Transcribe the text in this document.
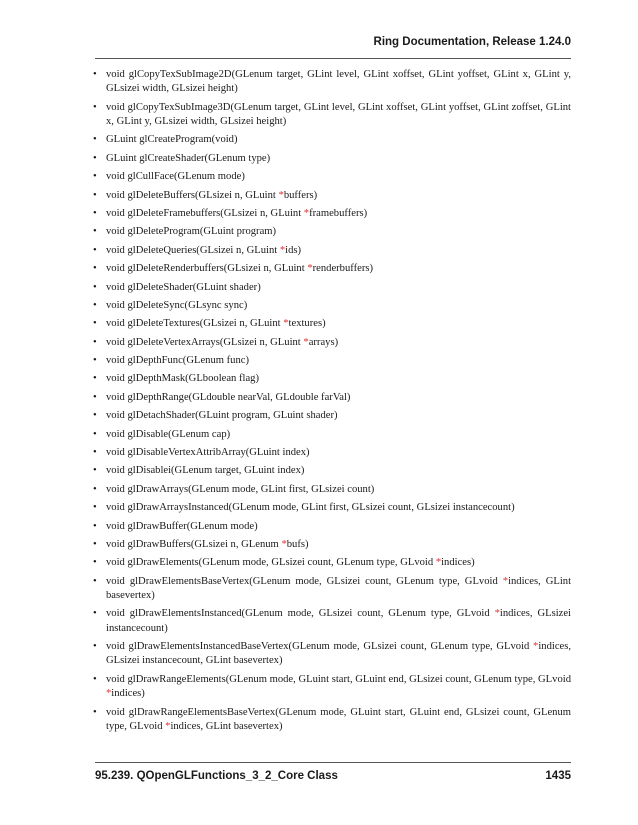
Ring Documentation, Release 1.24.0
• void glCopyTexSubImage2D(GLenum target, GLint level, GLint xoffset, GLint yoffset, GLint x, GLint y, GLsizei width, GLsizei height)
• void glCopyTexSubImage3D(GLenum target, GLint level, GLint xoffset, GLint yoffset, GLint zoffset, GLint x, GLint y, GLsizei width, GLsizei height)
• GLuint glCreateProgram(void)
• GLuint glCreateShader(GLenum type)
• void glCullFace(GLenum mode)
• void glDeleteBuffers(GLsizei n, GLuint *buffers)
• void glDeleteFramebuffers(GLsizei n, GLuint *framebuffers)
• void glDeleteProgram(GLuint program)
• void glDeleteQueries(GLsizei n, GLuint *ids)
• void glDeleteRenderbuffers(GLsizei n, GLuint *renderbuffers)
• void glDeleteShader(GLuint shader)
• void glDeleteSync(GLsync sync)
• void glDeleteTextures(GLsizei n, GLuint *textures)
• void glDeleteVertexArrays(GLsizei n, GLuint *arrays)
• void glDepthFunc(GLenum func)
• void glDepthMask(GLboolean flag)
• void glDepthRange(GLdouble nearVal, GLdouble farVal)
• void glDetachShader(GLuint program, GLuint shader)
• void glDisable(GLenum cap)
• void glDisableVertexAttribArray(GLuint index)
• void glDisablei(GLenum target, GLuint index)
• void glDrawArrays(GLenum mode, GLint first, GLsizei count)
• void glDrawArraysInstanced(GLenum mode, GLint first, GLsizei count, GLsizei instancecount)
• void glDrawBuffer(GLenum mode)
• void glDrawBuffers(GLsizei n, GLenum *bufs)
• void glDrawElements(GLenum mode, GLsizei count, GLenum type, GLvoid *indices)
• void glDrawElementsBaseVertex(GLenum mode, GLsizei count, GLenum type, GLvoid *indices, GLint basevertex)
• void glDrawElementsInstanced(GLenum mode, GLsizei count, GLenum type, GLvoid *indices, GLsizei instancecount)
• void glDrawElementsInstancedBaseVertex(GLenum mode, GLsizei count, GLenum type, GLvoid *indices, GLsizei instancecount, GLint basevertex)
• void glDrawRangeElements(GLenum mode, GLuint start, GLuint end, GLsizei count, GLenum type, GLvoid *indices)
• void glDrawRangeElementsBaseVertex(GLenum mode, GLuint start, GLuint end, GLsizei count, GLenum type, GLvoid *indices, GLint basevertex)
95.239. QOpenGLFunctions_3_2_Core Class	1435
